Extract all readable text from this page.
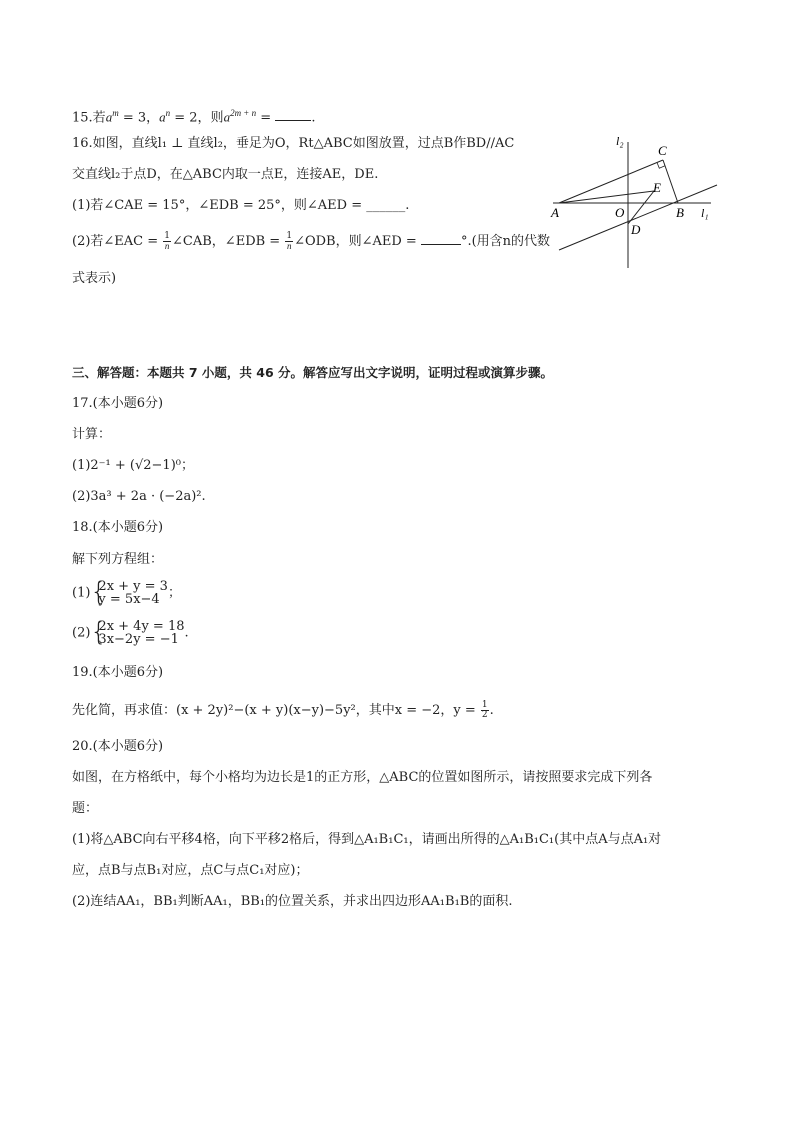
15.若$a^m = 3$，$a^n = 2$，则$a^{2m + n}$ =	.
16.如图，直线l₁ ⊥ 直线l₂，垂足为O，Rt△ABC如图放置，过点B作BD//AC
交直线l₂于点D，在△ABC内取一点E，连接AE，DE.
(1)若∠CAE = 15°，∠EDB = 25°，则∠AED = ______.
(2)若∠EAC = $\frac{1}{n}$ ∠CAB，∠EDB = $\frac{1}{n}$ ∠ODB，则∠AED =	°.(用含n的代数
式表示)
l₂
C
E
A	O	B l₁
D
三、解答题：本题共 7 小题，共 46 分。解答应写出文字说明，证明过程或演算步骤。
17.(本小题6分)
计算：
(1)2⁻¹ + (√2−1)⁰；
(2)3a³ + 2a · (−2a)².
18.(本小题6分)
解下列方程组：
(1) {
2x + y = 3
y = 5x−4 ；
(2) {
2x + 4y = 18
3x−2y = −1 .
19.(本小题6分)
先化简，再求值：(x + 2y)²−(x + y)(x−y)−5y²，其中x = −2，$y = \frac{1}{2}$ .
20.(本小题6分)
如图，在方格纸中，每个小格均为边长是1的正方形，△ABC的位置如图所示，请按照要求完成下列各
题：
(1)将△ABC向右平移4格，向下平移2格后，得到△A₁B₁C₁，请画出所得的△A₁B₁C₁(其中点A与点A₁对
应，点B与点B₁对应，点C与点C₁对应)；
(2)连结AA₁，BB₁判断AA₁，BB₁的位置关系，并求出四边形AA₁B₁B的面积.
